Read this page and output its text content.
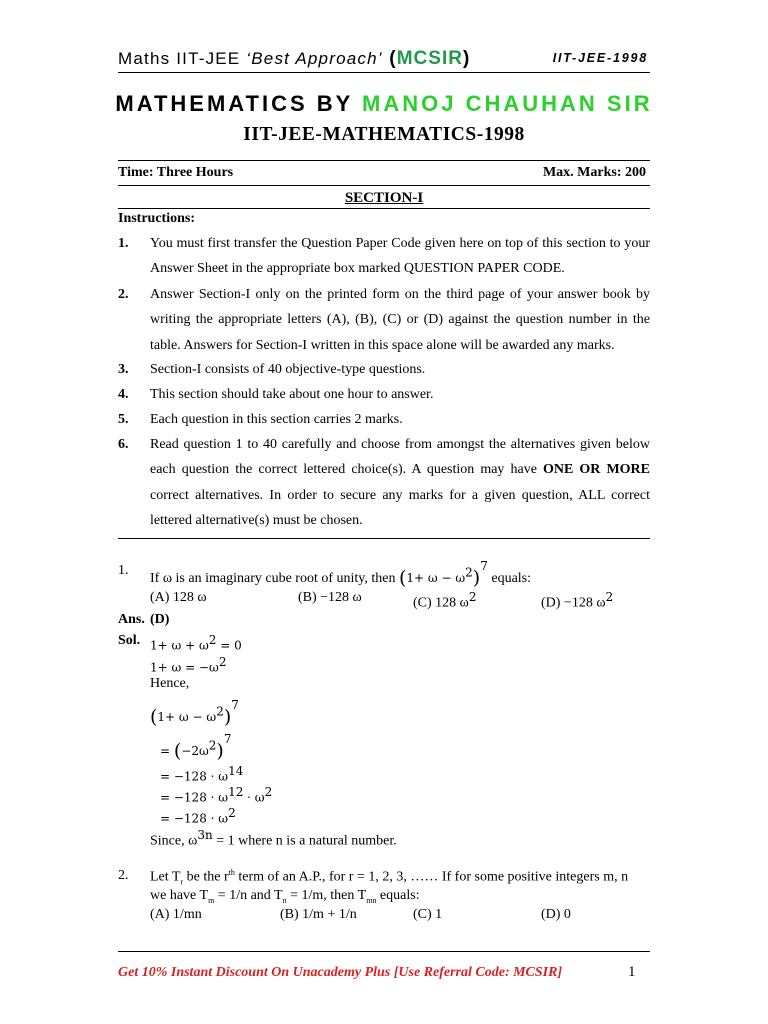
Maths IIT-JEE ‘Best Approach’ (MCSIR)	IIT-JEE-1998
MATHEMATICS BY MANOJ CHAUHAN SIR
IIT-JEE-MATHEMATICS-1998
Time: Three Hours	Max. Marks: 200
SECTION-I
Instructions:
1. You must first transfer the Question Paper Code given here on top of this section to your Answer Sheet in the appropriate box marked QUESTION PAPER CODE.
2. Answer Section-I only on the printed form on the third page of your answer book by writing the appropriate letters (A), (B), (C) or (D) against the question number in the table. Answers for Section-I written in this space alone will be awarded any marks.
3. Section-I consists of 40 objective-type questions.
4. This section should take about one hour to answer.
5. Each question in this section carries 2 marks.
6. Read question 1 to 40 carefully and choose from amongst the alternatives given below each question the correct lettered choice(s). A question may have ONE OR MORE correct alternatives. In order to secure any marks for a given question, ALL correct lettered alternative(s) must be chosen.
1.
If ω is an imaginary cube root of unity, then $(1+ \omega - \omega^2)^7$ equals:
(A) 128 ω	(B) −128 ω	(C) 128 $\omega^2$	(D) −128 $\omega^2$
Ans. (D)
Sol. $1+ \omega + \omega^2 = 0$
$1+ \omega = -\omega^2$
Hence,
$(1+ \omega - \omega^2)^7$
= $(-2\omega^2)^7$
= $-128 \cdot \omega^{14}$
= $-128 \cdot \omega^{12} \cdot \omega^2$
= $-128 \cdot \omega^2$
Since, $\omega^{3n} = 1$ where n is a natural number.
2. Let $T_r$ be the $r^{th}$ term of an A.P., for r = 1, 2, 3, …… If for some positive integers m, n
we have $T_m = 1/n$ and $T_n = 1/m$, then $T_{mn}$ equals:
(A) 1/mn	(B) 1/m + 1/n	(C) 1	(D) 0
Get 10% Instant Discount On Unacademy Plus [Use Referral Code: MCSIR]	1
